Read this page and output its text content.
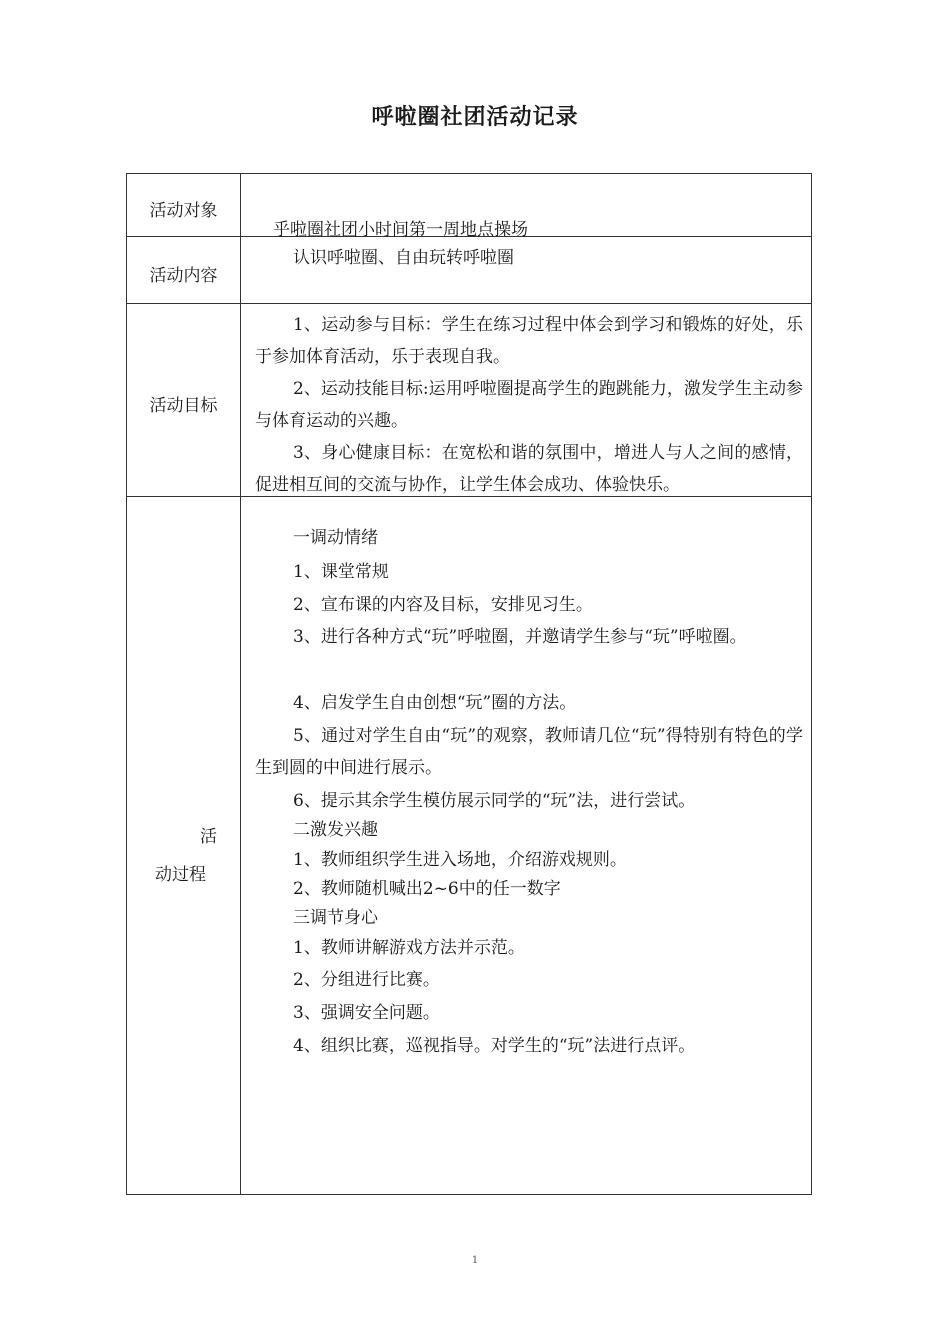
呼啦圈社团活动记录
活动对象
乎啦圈社团小时间第一周地点操场
活动内容
认识呼啦圈、自由玩转呼啦圈
活动目标
1、运动参与目标：学生在练习过程中体会到学习和锻炼的好处，乐于参加体育活动，乐于表现自我。
2、运动技能目标:运用呼啦圈提髙学生的跑跳能力，激发学生主动参与体育运动的兴趣。
3、身心健康目标：在宽松和谐的氛围中，增进人与人之间的感情，促进相互间的交流与协作，让学生体会成功、体验快乐。
活
动过程
一调动情绪
1、课堂常规
2、宣布课的内容及目标，安排见习生。
3、进行各种方式“玩”呼啦圈，并邀请学生参与“玩”呼啦圈。
4、启发学生自由创想“玩”圈的方法。
5、通过对学生自由“玩”的观察，教师请几位“玩”得特别有特色的学生到圆的中间进行展示。
6、提示其余学生模仿展示同学的“玩”法，进行尝试。
二激发兴趣
1、教师组织学生进入场地，介绍游戏规则。
2、教师随机喊出2~6中的任一数字
三调节身心
1、教师讲解游戏方法并示范。
2、分组进行比赛。
3、强调安全问题。
4、组织比赛，巡视指导。对学生的“玩”法进行点评。
1
